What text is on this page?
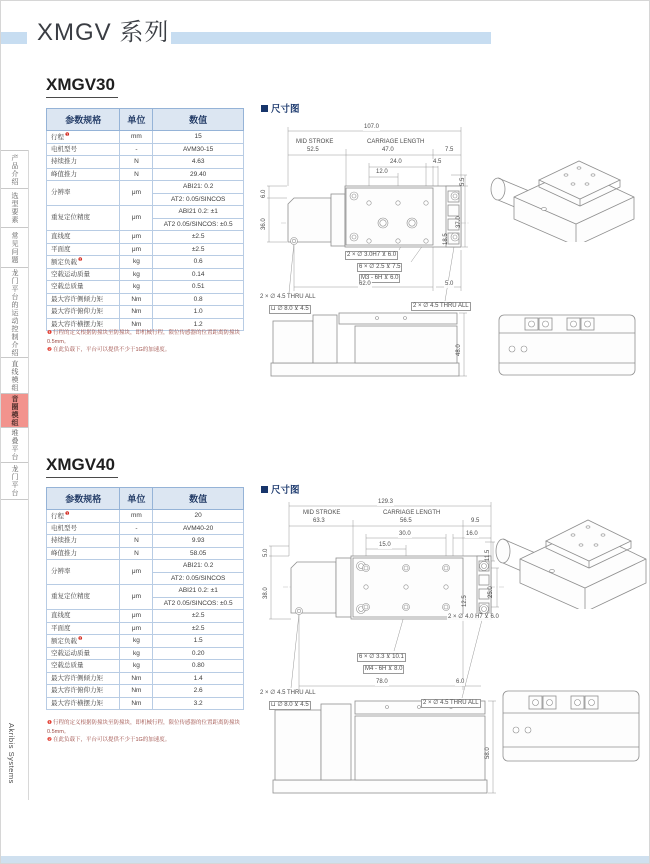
XMGV 系列
产品介绍
选型要素
常见问题
龙门平台的运动控制介绍
直线模组
音圈模组
堆叠平台
龙门平台
Akribis Systems
XMGV30
参数规格	单位	数值
行程$^❶$	mm	15
电机型号	-	AVM30-15
持续推力	N	4.63
峰值推力	N	29.40
分辨率	μm	ABI21: 0.2
		AT2: 0.05/SINCOS
重复定位精度	μm	ABI21 0.2: ±1
		AT2 0.05/SINCOS: ±0.5
直线度	μm	±2.5
平面度	μm	±2.5
额定负载$^❷$	kg	0.6
空载运动质量	kg	0.14
空载总质量	kg	0.51
最大容许侧倾力矩	Nm	0.8
最大容许俯仰力矩	Nm	1.0
最大容许横摆力矩	Nm	1.2
❶行程的定义根据防撞块至防撞块，即机械行程，限位传感器的位置距离防撞块0.5mm。
❷在此负载下，平台可以提供不少于1G的加速度。
尺寸图
107.0
MID STROKE
52.5
CARRIAGE LENGTH
47.0	7.5
24.0	4.5
12.0
5.5
6.0
36.0	37.0
18.5
2 × ∅ 3.0H7 ⊻ 6.0
6 × ∅ 2.5 ⊻ 7.5
M3 - 6H ⊻ 6.0
62.0	5.0
2 × ∅ 4.5 THRU ALL
⊔ ∅ 8.0 ⊻ 4.5	2 × ∅ 4.5 THRU ALL
48.0
XMGV40
参数规格	单位	数值
行程$^❶$	mm	20
电机型号	-	AVM40-20
持续推力	N	9.93
峰值推力	N	58.05
分辨率	μm	ABI21: 0.2
		AT2: 0.05/SINCOS
重复定位精度	μm	ABI21 0.2: ±1
		AT2 0.05/SINCOS: ±0.5
直线度	μm	±2.5
平面度	μm	±2.5
额定负载$^❷$	kg	1.5
空载运动质量	kg	0.20
空载总质量	kg	0.80
最大容许侧倾力矩	Nm	1.4
最大容许俯仰力矩	Nm	2.6
最大容许横摆力矩	Nm	3.2
❶行程的定义根据防撞块至防撞块，即机械行程，限位传感器的位置距离防撞块0.5mm。
❷在此负载下，平台可以提供不少于1G的加速度。
尺寸图
129.3
MID STROKE
63.3
CARRIAGE LENGTH
56.5	9.5
30.0	16.0
15.0
11.5
5.0
38.0
12.5
25.0
6 × ∅ 3.3 ⊻ 10.1
M4 - 6H ⊻ 8.0
78.0	6.0
2 × ∅ 4.5 THRU ALL
⊔ ∅ 8.0 ⊻ 4.5
2 × ∅ 4.0 H7 ⊻ 6.0
2 × ∅ 4.5 THRU ALL
58.0
